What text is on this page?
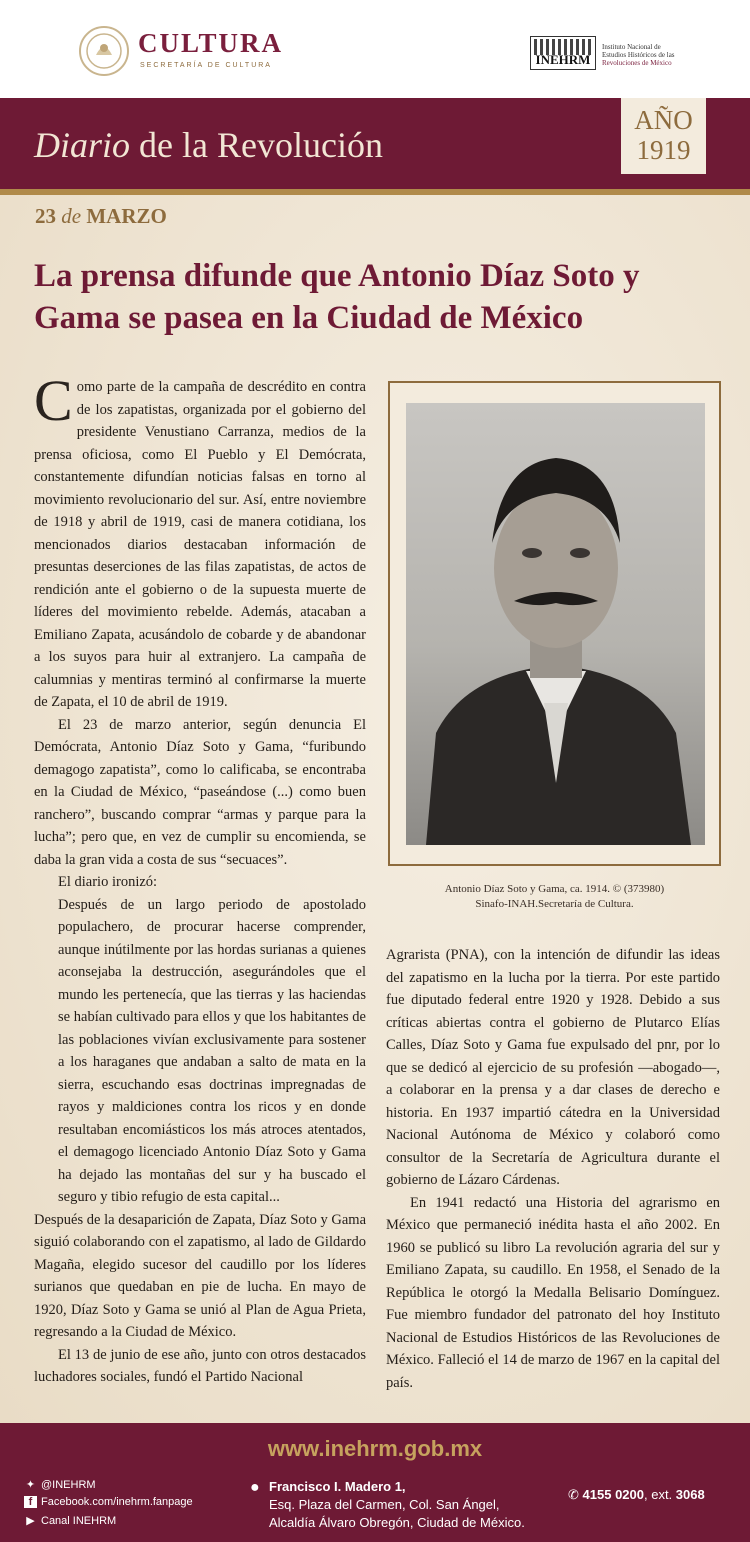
CULTURA
SECRETARÍA DE CULTURA	INEHRM
Instituto Nacional de
Estudios Históricos de las
Revoluciones de México
Diario de la Revolución
AÑO
1919
23 de MARZO
La prensa difunde que Antonio Díaz Soto y Gama se pasea en la Ciudad de México

Como parte de la campaña de descrédito en contra de los zapatistas, organizada por el gobierno del presidente Venustiano Carranza, medios de la prensa oficiosa, como El Pueblo y El Demócrata, constantemente difundían noticias falsas en torno al movimiento revolucionario del sur. Así, entre noviembre de 1918 y abril de 1919, casi de manera cotidiana, los mencionados diarios destacaban información de presuntas deserciones de las filas zapatistas, de actos de rendición ante el gobierno o de la supuesta muerte de líderes del movimiento rebelde. Además, atacaban a Emiliano Zapata, acusándolo de cobarde y de abandonar a los suyos para huir al extranjero. La campaña de calumnias y mentiras terminó al confirmarse la muerte de Zapata, el 10 de abril de 1919.

El 23 de marzo anterior, según denuncia El Demócrata, Antonio Díaz Soto y Gama, “furibundo demagogo zapatista”, como lo calificaba, se encontraba en la Ciudad de México, “paseándose (...) como buen ranchero”, buscando comprar “armas y parque para la lucha”; pero que, en vez de cumplir su encomienda, se daba la gran vida a costa de sus “secuaces”.

El diario ironizó:

Después de un largo periodo de apostolado populachero, de procurar hacerse comprender, aunque inútilmente por las hordas surianas a quienes aconsejaba la destrucción, asegurándoles que el mundo les pertenecía, que las tierras y las haciendas se habían cultivado para ellos y que los habitantes de las poblaciones vivían exclusivamente para sostener a los haraganes que andaban a salto de mata en la sierra, escuchando esas doctrinas impregnadas de rayos y maldiciones contra los ricos y en donde resultaban encomiásticos los más atroces atentados, el demagogo licenciado Antonio Díaz Soto y Gama ha dejado las montañas del sur y ha buscado el seguro y tibio refugio de esta capital...

Después de la desaparición de Zapata, Díaz Soto y Gama siguió colaborando con el zapatismo, al lado de Gildardo Magaña, elegido sucesor del caudillo por los líderes surianos que quedaban en pie de lucha. En mayo de 1920, Díaz Soto y Gama se unió al Plan de Agua Prieta, regresando a la Ciudad de México.

El 13 de junio de ese año, junto con otros destacados luchadores sociales, fundó el Partido Nacional

Antonio Díaz Soto y Gama, ca. 1914. © (373980)
Sinafo-INAH.Secretaría de Cultura.

Agrarista (PNA), con la intención de difundir las ideas del zapatismo en la lucha por la tierra. Por este partido fue diputado federal entre 1920 y 1928. Debido a sus críticas abiertas contra el gobierno de Plutarco Elías Calles, Díaz Soto y Gama fue expulsado del pnr, por lo que se dedicó al ejercicio de su profesión —abogado—, a colaborar en la prensa y a dar clases de derecho e historia. En 1937 impartió cátedra en la Universidad Nacional Autónoma de México y colaboró como consultor de la Secretaría de Agricultura durante el gobierno de Lázaro Cárdenas.

En 1941 redactó una Historia del agrarismo en México que permaneció inédita hasta el año 2002. En 1960 se publicó su libro La revolución agraria del sur y Emiliano Zapata, su caudillo. En 1958, el Senado de la República le otorgó la Medalla Belisario Domínguez. Fue miembro fundador del patronato del hoy Instituto Nacional de Estudios Históricos de las Revoluciones de México. Falleció el 14 de marzo de 1967 en la capital del país.

www.inehrm.gob.mx
✦ @INEHRM
f Facebook.com/inehrm.fanpage
▶ Canal INEHRM
● Francisco I. Madero 1,
Esq. Plaza del Carmen, Col. San Ángel,
Alcaldía Álvaro Obregón, Ciudad de México.
✆ 4155 0200, ext. 3068
